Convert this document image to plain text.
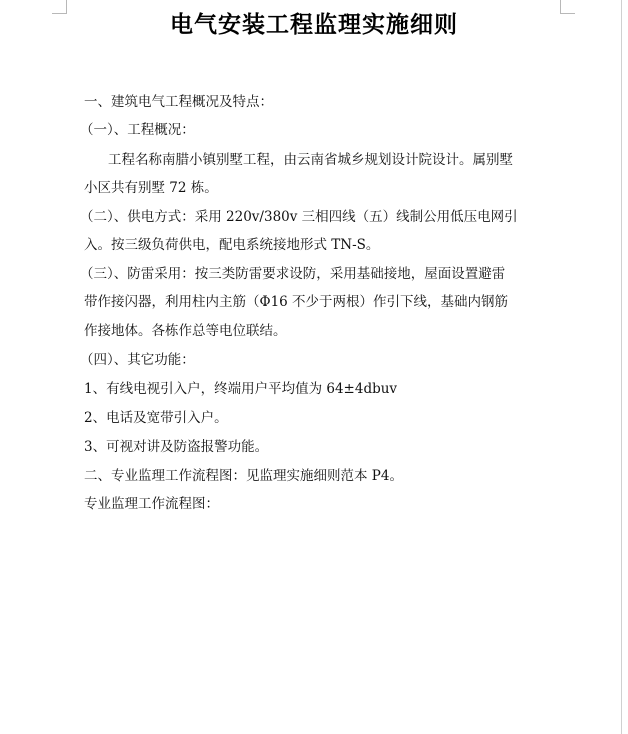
电气安装工程监理实施细则
一、建筑电气工程概况及特点：
（一）、工程概况：
工程名称南腊小镇别墅工程，由云南省城乡规划设计院设计。属别墅
小区共有别墅 72 栋。
（二）、供电方式：采用 220v/380v 三相四线（五）线制公用低压电网引
入。按三级负荷供电，配电系统接地形式 TN-S。
（三）、防雷采用：按三类防雷要求设防，采用基础接地，屋面设置避雷
带作接闪器，利用柱内主筋（Φ16 不少于两根）作引下线，基础内钢筋
作接地体。各栋作总等电位联结。
（四）、其它功能：
1、有线电视引入户，终端用户平均值为 64±4dbuv
2、电话及宽带引入户。
3、可视对讲及防盗报警功能。
二、专业监理工作流程图：见监理实施细则范本 P4。
专业监理工作流程图：
